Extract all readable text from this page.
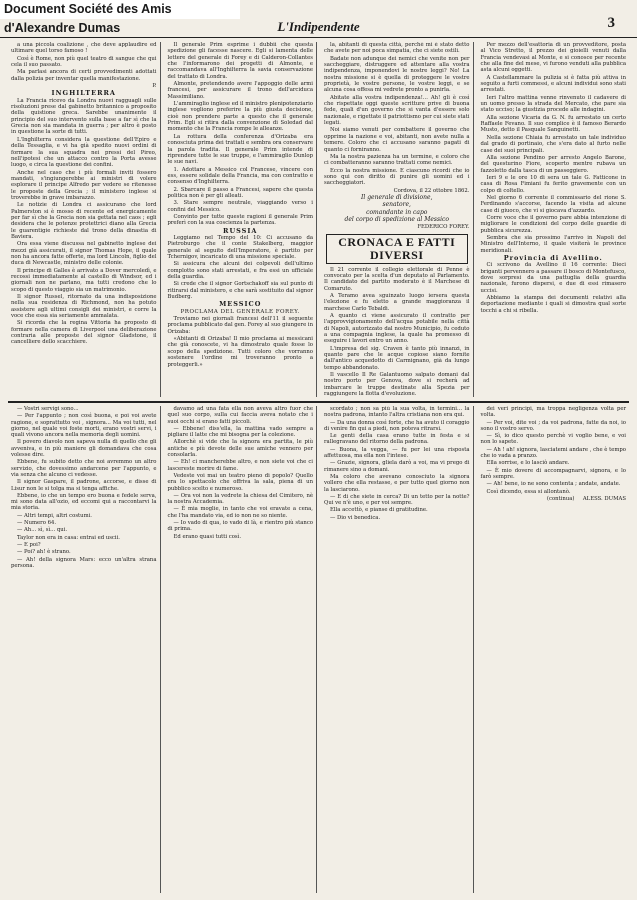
Document Société des Amis d'Alexandre Dumas	L'Indipendente	3

a una piccola coalizione , che deve applaudire ed ultimare quel torso famoso !

Così è Rome, non più quel teatro di sangue che qui cela il suo passato.

Ma parlasi ancora di certi provvedimenti adottati dalla polizia per inventar quella manifestazione.

P.

INGHILTERRA

La Francia ricevo da Londra nuovi ragguagli sulle risoluzioni prese dal gabinetto britannico a proposito della quistione greca. Sarebbe unanimente il principio del suo intervento sulla base a far sì che la Grecia non sia mandata in guerra ; per altro è posto in questione la sorte di tutti.

L'Inghilterra considera la questione dell'Epiro e della Tessaglia, e vi ha già spedito nuovi ordini di formare la sua squadra nei pressi del Pireo, nell'ipotesi che un attacco contro la Porta avesse luogo, e circa la questione dei confini.

Anche nel caso che i più formali inviti fossero mandati, s'ingiungerebbe ai ministri di volere esplorare il principe Alfredo per vedere se ritenesse le proposte della Grecia ; il ministero inglese si troverebbe in grave imbarazzo.

Le notizie di Londra ci assicurano che lord Palmerston si è mosso di recente ed energicamente per far sì che la Grecia non sia gettata nel caos ; egli desidera che le potenze protettrici diano alla Grecia le guarentigie richieste dal trono della dinastia di Baviera.

Ora essa viene discussa nel gabinetto inglese dei mezzi già assicurati, il signor Thomas Hope, il quale non ha ancora fatte offerte, ma lord Lincoln, figlio del duca di Newcastle, ministro delle colonie.

Il principe di Galles è arrivato a Dover mercoledì, e recossi immediatamente al castello di Windsor, ed i giornali non ne parlano, ma tutti credono che lo scopo di questo viaggio sia un matrimonio.

Il signor Russel, ritornato da una indisposizione nella sua residenza di Richmond, non ha potuto assistere agli ultimi consigli dei ministri, e corre la voce che essa sia seriamente ammalata.

Si ricorda che la regina Vittoria ha proposto di formare nella camera di Liverpool una deliberazione contraria alle proposte del signor Gladstone, il cancelliere dello scacchiere.

Il generale Prim esprime i dubbii che questa spedizione gli facesse nascere. Egli si lamenta delle lettere del generale di Forey e di Calderon-Collantes che l'informarono dei progetti di Almonte, e raccomandava all'Inghilterra la savia conservazione del trattato di Londra.

Almonte, pretendendo avere l'appoggio delle armi francesi, per assicurare il trono dell'arciduca Massimiliano.

L'ammiraglio inglese ed il ministro plenipotenziario inglese vogliono preferire la più giusta decisione, cioè non prendere parte a questo che il generale Prim. Egli si ritira dalla convenzione di Soledad dal momento che la Francia rompe le alleanze.

La rottura della conferenza d'Orizaba era conosciuta prima dei trattati e sembra ora conservare la parola tradita. Il generale Prim intende di riprendere tutte le sue truppe, e l'ammiraglio Dunlop le sue navi.

1. Adottare a Messico col Francese, vincere con ess, essere solidale della Francia, ma con contratto e consenso d'Inghilterra.

2. Sbarcare il passo a Francesi, sapere che questa politica non è per gli alleati.

3. Stare sempre neutrale, viaggiando verso i confini del Messico.

Convinto per tutte queste ragioni il generale Prim preferì con la sua coscienza la partenza.

RUSSIA

Leggiamo nel Tempo del 10: Ci accusano da Pietroburgo che il conte Stakelberg, maggior generale al seguito dell'Imperatore, è partito per Tchernigov, incaricato di una missione speciale.

Si assicura che alcuni dei colpevoli dell'ultimo complotto sono stati arrestati, e fra essi un ufficiale della guardia.

Si crede che il signor Gortschakoff sia sul punto di ritirarsi dal ministero, e che sarà sostituito dal signor Budberg.

MESSICO

PROCLAMA DEL GENERALE FOREY.

Troviamo nei giornali francesi dell'11 il seguente proclama pubblicato dal gen. Forey al suo giungere in Orizaba:

«Abitanti di Orizaba! Il mio proclama ai messicani che già conoscete, vi ha dimostrato quale fosse lo scopo della spedizione. Tutti coloro che vorranno sostenere l'ordine mi troveranno pronto a proteggerli.»

la, abitanti di questa città, perchè mi è stato detto che avete per noi poca simpatia, che ci siete ostili.

Badate non adunque dei nemici che venite non per saccheggiare, distruggere ed attentare alla vostra indipendenza, imponendovi le nostre leggi? No! La nostra missione si è quella di proteggere le vostre proprietà, le vostre persone, le vostre leggi, e se alcuna cosa offesa mi vedrete pronto a punirla.

Abitate alla vostra indipendenza!... Ah! gli è così che rispettate oggi queste scritture prive di buona fede, quali d'un governo che si vanta d'essere solo nazionale, e rigettate il patriottismo per cui siete stati legati.

Noi siamo venuti per combattere il governo che opprime la nazione e voi, abitanti, non avete nulla a temere. Coloro che ci accusano saranno pagati di quanto ci forniranno.

Ma la nostra pazienza ha un termine, e coloro che ci combatteranno saranno trattati come nemici.

Ecco la nostra missione. E ciascuno ricordi che io sono qui con diritto di punire gli uomini ed i saccheggiatori.

Cordova, il 22 ottobre 1862.

Il generale di divisione,

senatore,

comandante in capo

del corpo di spedizione al Messico

FEDERICO FOREY.

CRONACA E FATTI DIVERSI

Il 21 corrente il collegio elettorale di Penne è convocato per la scelta d'un deputato al Parlamento. Il candidato del partito moderato è il Marchese di Comaruto.

A Teramo avea sguinzato luogo iersera questa l'elezione e fu eletto a grande maggioranza il marchese Carlo Tebaldi.

A quanto ci viene assicurato il contratto per l'approvvigionamento dell'acqua potabile nella città di Napoli, autorizzato dal nostro Municipio, fu ceduto a una compagnia inglese, la quale ha promesso di eseguire i lavori entro un anno.

L'impresa del sig. Craven è tanto più innanzi, in quanto pare che le acque copiose siano fornite dall'antico acquedotto di Carmignano, già da lungo tempo abbandonato.

Il vascello Il Re Galantuomo salpato domani dal nostro porto per Genova, dove si recherà ad imbarcare le truppe destinate alla Spezia per raggiungere la flotta d'evoluzione.

Per mezzo dell'esattoria di un provveditore, posta al Vico Stretto, il prezzo dei gioielli venuti dalla Francia vendevasi al Monte, e si conosce per recente che alla fine del mese, vi furono venduti alla pubblica asta alcuni oggetti.

A Castellammare la pulizia si è fatta più attiva in seguito a furti commessi, e alcuni individui sono stati arrestati.

Ieri l'altro mattina venne rinvenuto il cadavere di un uomo presso la strada del Mercato, che pare sia stato ucciso; la giustizia procede alle indagini.

Alla sezione Vicaria da G. N. fu arrestato un certo Raffaele Fevano. Il suo complice è il famoso Berardo Musto, detto il Pasquale Sanguinetti.

Nella sezione Chiaia fu arrestato un tale individuo dal grado di portinaio, che s'era dato al furto nelle case dei suoi principali.

Alla sezione Pendino per arresto Angelo Barone, del questurino Fiore, scoperto mentre rubava un fazzoletto dalla tasca di un passeggiero.

Ieri 9 e le ore 10 di sera un tale G. Fatticone in casa di Rosa Fimiani fu ferito gravemente con un colpo di coltello.

Nel giorno 6 corrente il commissario del rione S. Ferdinando s'accorse, facendo la visita ad alcune case di giuoco, che vi si giocava d'azzardo.

Corre voce che il governo pare abbia intenzione di migliorare le condizioni del corpo delle guardie di pubblica sicurezza.

Sembra che sia prossimo l'arrivo in Napoli del Ministro dell'Interno, il quale visiterà le province meridionali.

Provincia di Avellino.

Ci scrivono da Avellino il 16 corrente: Dieci briganti pervennero a passare il bosco di Montefusco, dove sorpresi da una pattuglia della guardia nazionale, furono dispersi, e due di essi rimasero uccisi.

Abbiamo la stampa dei documenti relativi alla deportazione mediante i quali si dimostra qual sorte tocchi a chi si ribella.

— Vostri servigi sono...

— Per l'appunto ; non così buona, e poi voi avete ragione, e soprattutto voi , signora... Ma voi tutti, nel giorno, nel quale voi foste morti, erano vostri servi, i quali vivono ancora nella memoria degli uomini.

Il povero diavolo non sapeva nulla di quello che gli avveniva, e in più maniere gli domandava che cosa volesse dire.

Ebbene, fu subito detto che noi avremmo un altro servizio, che dovessimo andarcene per l'appunto, e via senza che alcuno ci vedesse.

Il signor Gaspare, il padrone, accorse, e disse di Lisur non le si tolga ma si tenga affiche.

Ebbene, io che un tempo ero buona e fedele serva, mi sono data all'ozio, ed eccomi qui a raccontarvi la mia storia.

— Altri tempi, altri costumi.

— Numero 64.

— Ah... sì, sì... qui.

Taylor non era in casa: entrai ed uscii.

— E poi?

— Poi? ah! è strano.

— Ah! della signora Mars: ecco un'altra strana persona.

davamo ad una fata ella non aveva altro fuor che quel suo corpo, sulla cui faccia aveva notato che i suoi occhi si erano fatti piccoli.

— Ebbene! diss'ella, la mattina vado sempre a pigliare il latte che mi bisogna per la colezione.

Allorchè si vide che la signora era partita, le più antiche e più devote delle sue amiche vennero per consolarla.

— Eh! ci mancherebbe altro, e non siete voi che ci lascereste morire di fame.

Vedeste voi mai un teatro pieno di popolo? Quello era lo spettacolo che offriva la sala, piena di un pubblico scelto e numeroso.

— Ora voi non la vedrete la chiesa del Cimitero, nè la nostra Accademia.

— È mia moglie, in tanto che voi eravate a cena, che l'ha mandato via, ed io non ne so niente.

— Io vado di qua, io vado di là, e rientro più stanco di prima.

Ed erano quasi tutti così.

scordato ; non sa più la sua volta, in termini... la nostra padrona, intanto l'altra cristiana non era qui.

— Da una donna così forte, che ha avuto il coraggio di venire fin qui a piedi, non poteva ritrarsi.

Le genti della casa erano tutte in festa e si rallegravano del ritorno della padrona.

— Buona, la vegga, — fu per lei una risposta affettuosa, ma ella non l'intese.

— Grazie, signora, gliela darò a voi, ma vi prego di rimanere sino a domani.

Ma coloro che avevano conosciuto la signora vollero che ella restasse, e per tutto quel giorno non la lasciarono.

— E di che siete in cerca? Di un tetto per la notte? Qui ve n'è uno, e per voi sempre.

Ella accettò, e pianse di gratitudine.

— Dio vi benedica.

dei veri principi, ma troppa negligenza volta per volta.

— Per voi, dite voi ; da voi padrona, fatte da noi, io sono il vostro servo.

— Sì, io dico questo perchè vi voglio bene, e voi non lo sapete.

— Ah ! ah! signora, lasciatemi andare , che è tempo che io vada a pranzo.

Ella sorrise, e lo lasciò andare.

— È mio dovere di accompagnarvi, signora, e lo farò sempre.

— Ah! bene, io ne sono contenta ; andate, andate.

Così dicendo, essa si allontanò.

(continua) ALESS. DUMAS
